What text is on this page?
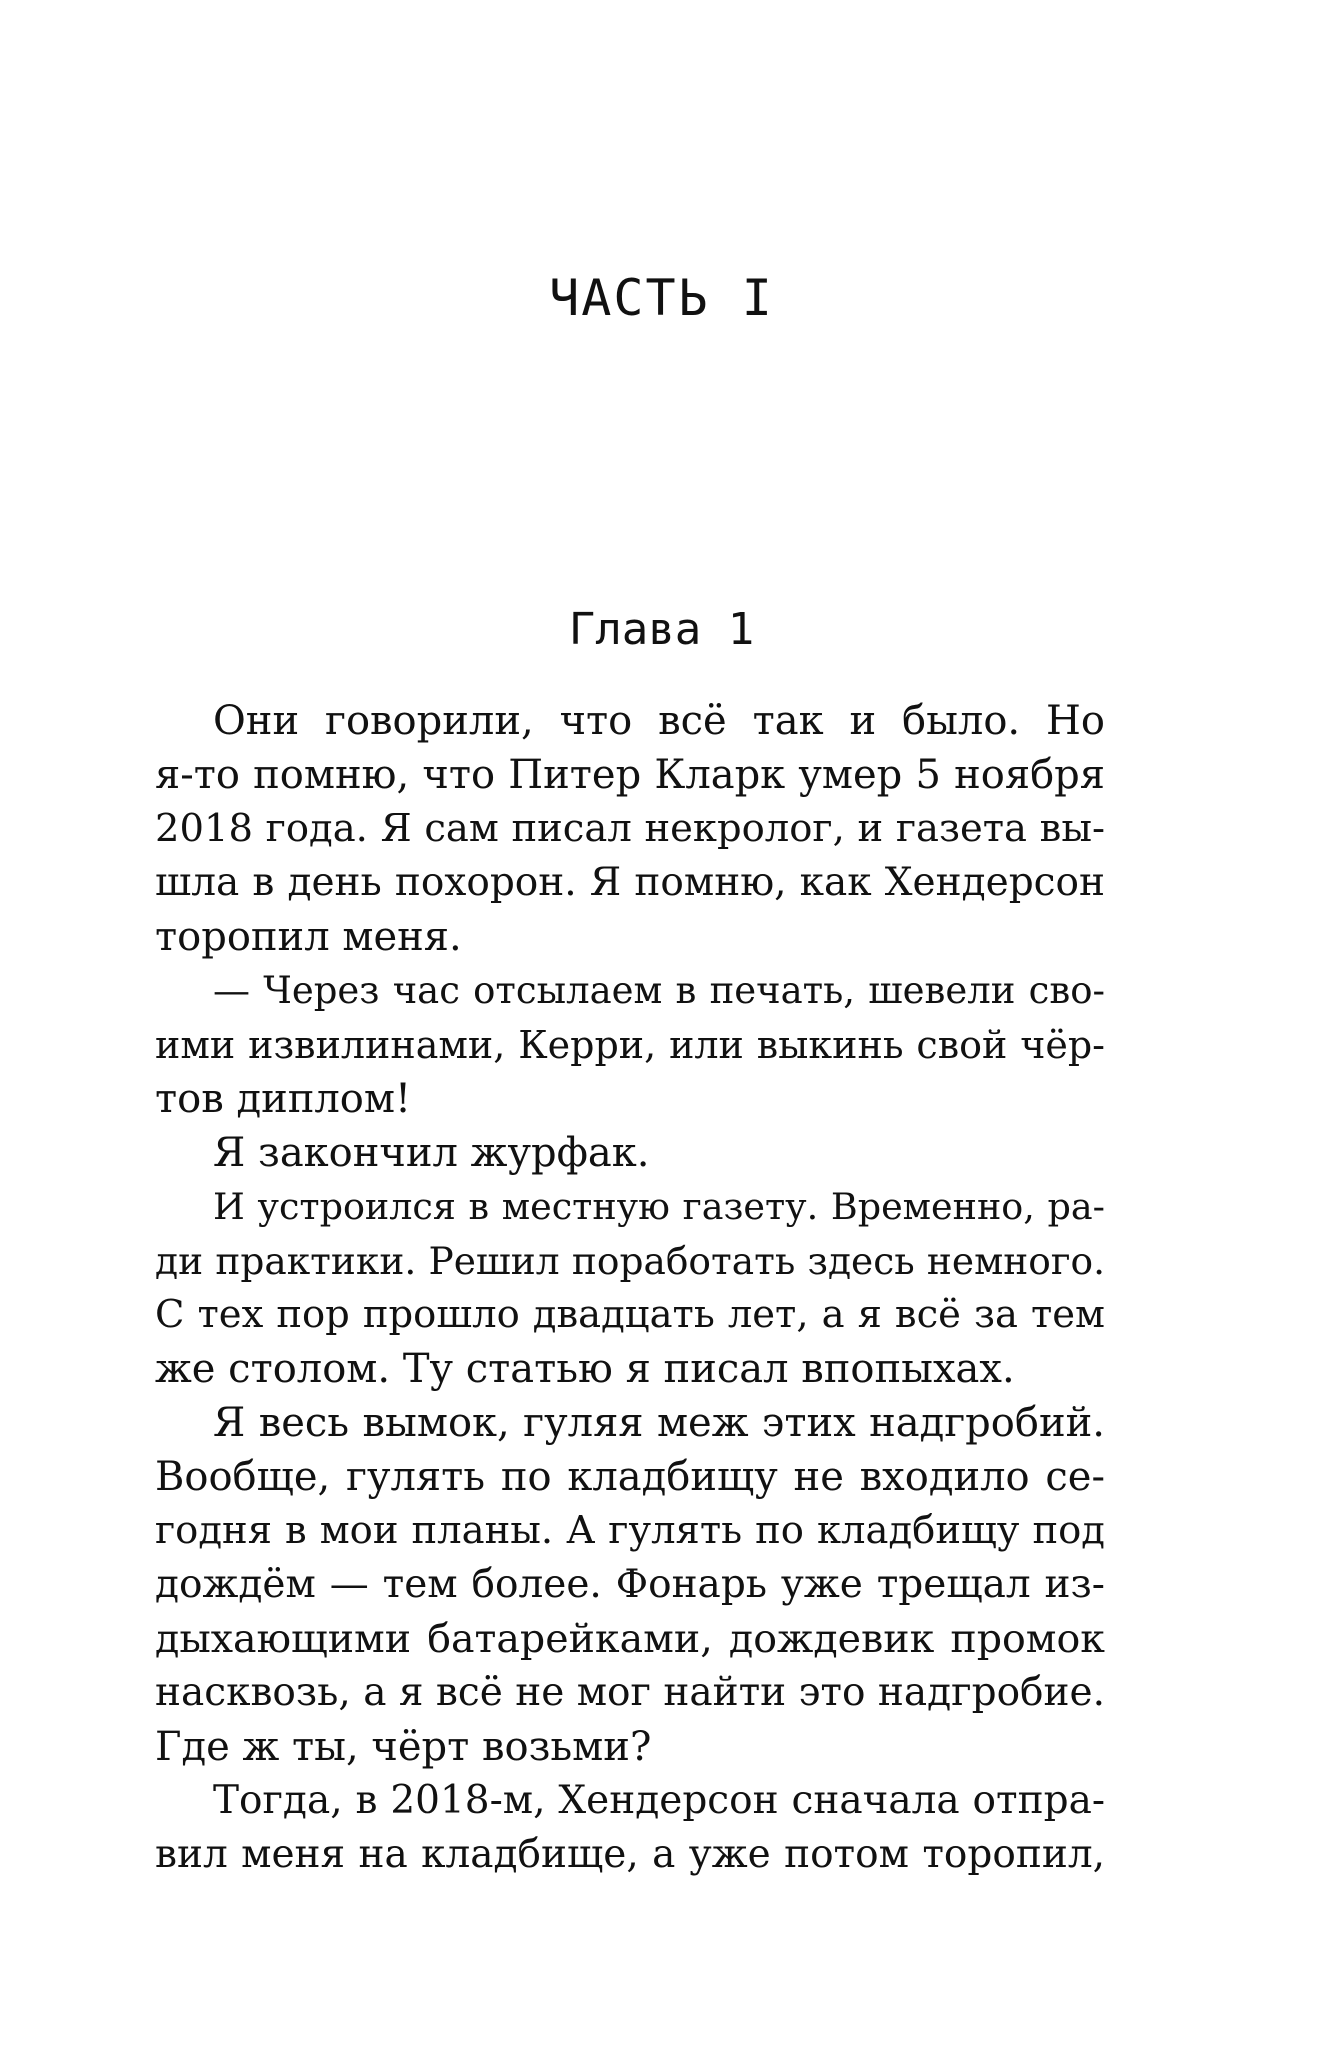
ЧАСТЬ I
Глава 1

Они говорили, что всё так и было. Но
я-то помню, что Питер Кларк умер 5 ноября
2018 года. Я сам писал некролог, и газета вы-
шла в день похорон. Я помню, как Хендерсон
торопил меня.

— Через час отсылаем в печать, шевели сво-
ими извилинами, Керри, или выкинь свой чёр-
тов диплом!

Я закончил журфак.

И устроился в местную газету. Временно, ра-
ди практики. Решил поработать здесь немного.
С тех пор прошло двадцать лет, а я всё за тем
же столом. Ту статью я писал впопыхах.

Я весь вымок, гуляя меж этих надгробий.
Вообще, гулять по кладбищу не входило се-
годня в мои планы. А гулять по кладбищу под
дождём — тем более. Фонарь уже трещал из-
дыхающими батарейками, дождевик промок
насквозь, а я всё не мог найти это надгробие.
Где ж ты, чёрт возьми?

Тогда, в 2018-м, Хендерсон сначала отпра-
вил меня на кладбище, а уже потом торопил,
